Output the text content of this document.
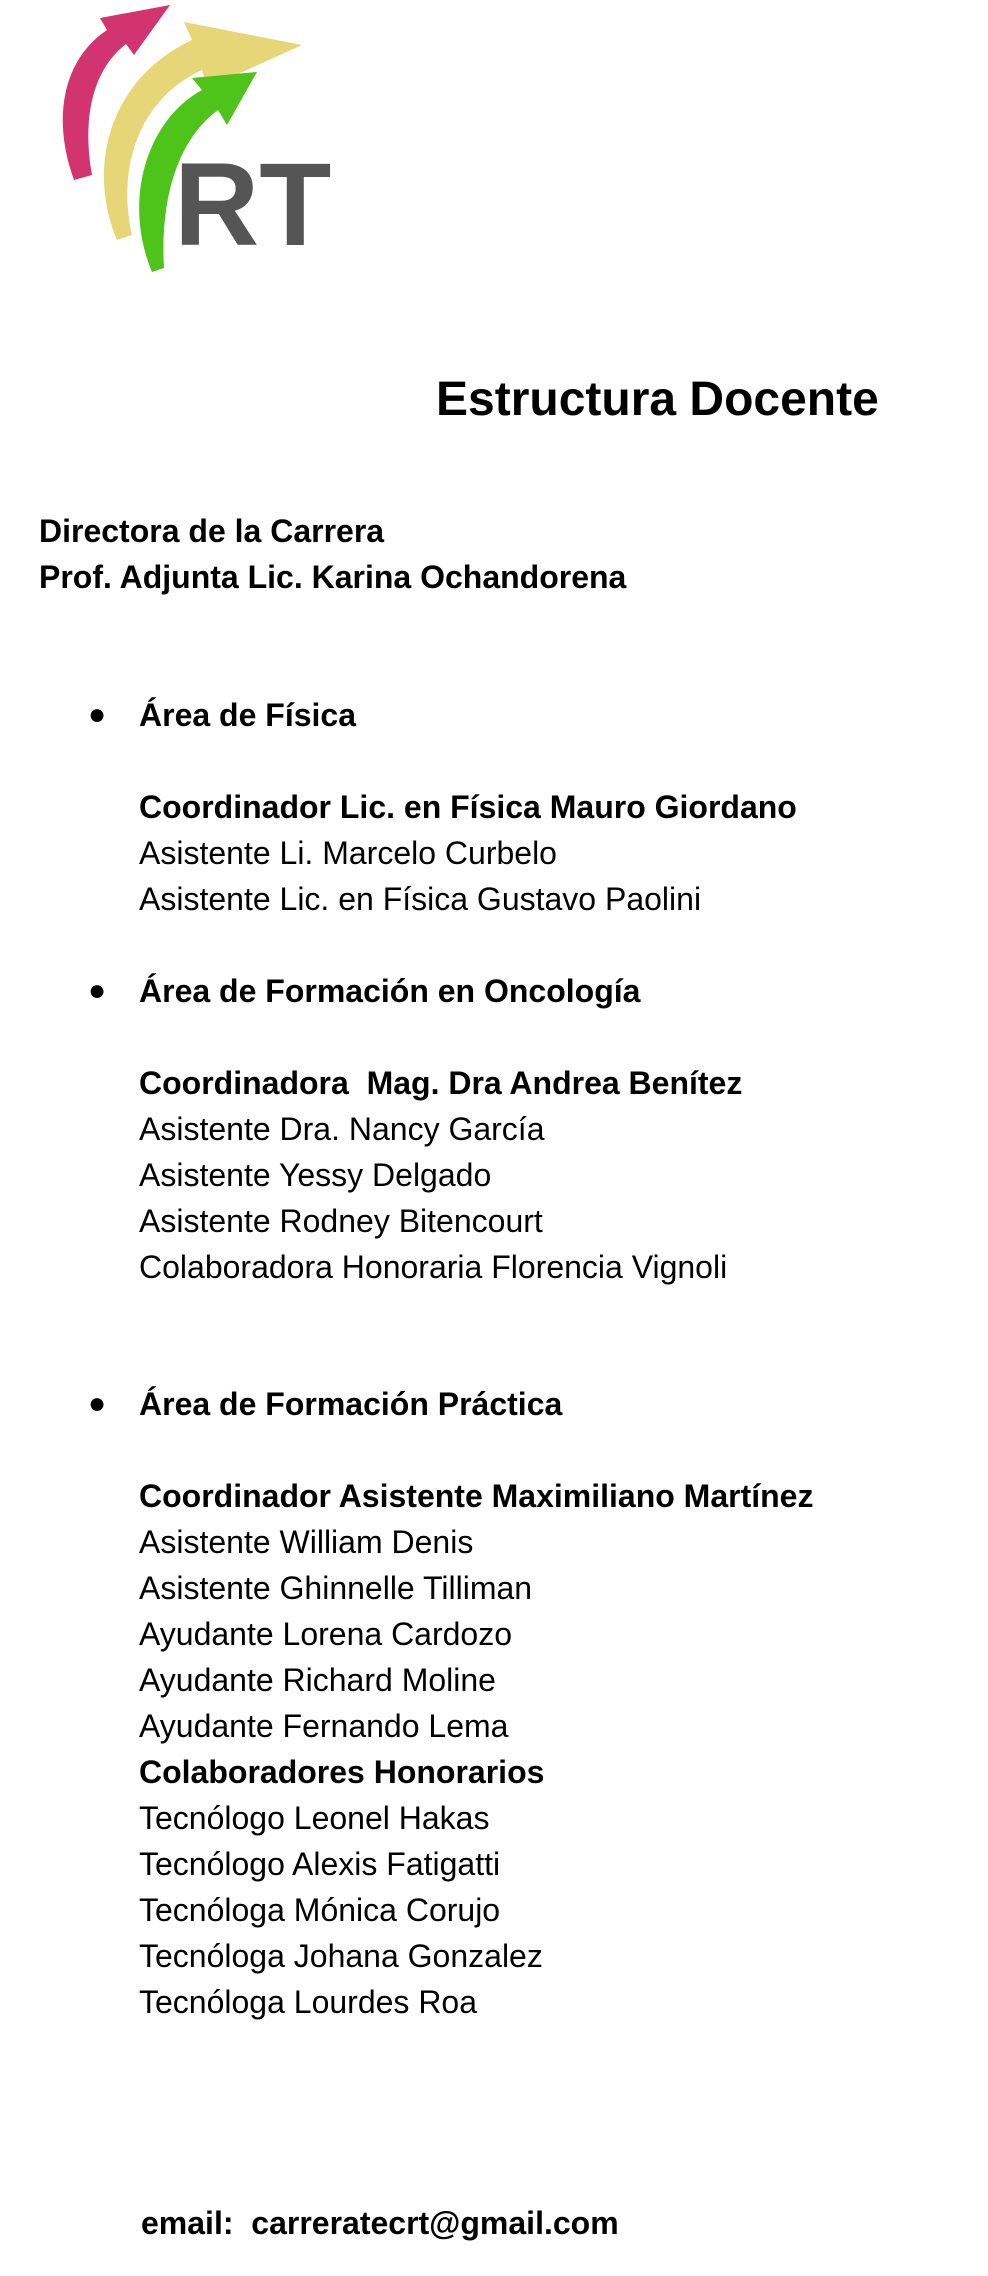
RT
Estructura Docente
Directora de la Carrera
Prof. Adjunta Lic. Karina Ochandorena
● Área de Física
Coordinador Lic. en Física Mauro Giordano
Asistente Li. Marcelo Curbelo
Asistente Lic. en Física Gustavo Paolini
● Área de Formación en Oncología
Coordinadora  Mag. Dra Andrea Benítez
Asistente Dra. Nancy García
Asistente Yessy Delgado
Asistente Rodney Bitencourt
Colaboradora Honoraria Florencia Vignoli
● Área de Formación Práctica
Coordinador Asistente Maximiliano Martínez
Asistente William Denis
Asistente Ghinnelle Tilliman
Ayudante Lorena Cardozo
Ayudante Richard Moline
Ayudante Fernando Lema
Colaboradores Honorarios
Tecnólogo Leonel Hakas
Tecnólogo Alexis Fatigatti
Tecnóloga Mónica Corujo
Tecnóloga Johana Gonzalez
Tecnóloga Lourdes Roa
email:  carreratecrt@gmail.com
